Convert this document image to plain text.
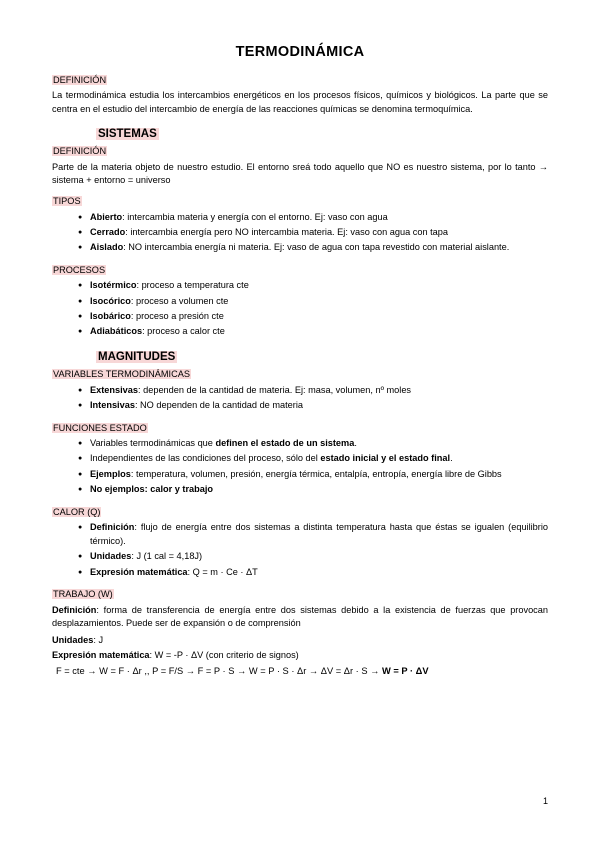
TERMODINÁMICA
DEFINICIÓN

La termodinámica estudia los intercambios energéticos en los procesos físicos, químicos y biológicos. La parte que se centra en el estudio del intercambio de energía de las reacciones químicas se denomina termoquímica.

SISTEMAS
DEFINICIÓN

Parte de la materia objeto de nuestro estudio. El entorno sreá todo aquello que NO es nuestro sistema, por lo tanto → sistema + entorno = universo

TIPOS
● Abierto: intercambia materia y energía con el entorno. Ej: vaso con agua
● Cerrado: intercambia energía pero NO intercambia materia. Ej: vaso con agua con tapa
● Aislado: NO intercambia energía ni materia. Ej: vaso de agua con tapa revestido con material aislante.
PROCESOS
● Isotérmico: proceso a temperatura cte
● Isocórico: proceso a volumen cte
● Isobárico: proceso a presión cte
● Adiabáticos: proceso a calor cte
MAGNITUDES
VARIABLES TERMODINÁMICAS
● Extensivas: dependen de la cantidad de materia. Ej: masa, volumen, nº moles
● Intensivas: NO dependen de la cantidad de materia
FUNCIONES ESTADO
● Variables termodinámicas que definen el estado de un sistema.
● Independientes de las condiciones del proceso, sólo del estado inicial y el estado final.
● Ejemplos: temperatura, volumen, presión, energía térmica, entalpía, entropía, energía libre de Gibbs
● No ejemplos: calor y trabajo
CALOR (Q)
● Definición: flujo de energía entre dos sistemas a distinta temperatura hasta que éstas se igualen (equilibrio térmico).
● Unidades: J (1 cal = 4,18J)
● Expresión matemática: Q = m · Ce · ΔT
TRABAJO (W)

Definición: forma de transferencia de energía entre dos sistemas debido a la existencia de fuerzas que provocan desplazamientos. Puede ser de expansión o de comprensión

Unidades: J

Expresión matemática: W = -P · ΔV (con criterio de signos)

F = cte → W = F · Δr ,, P = F/S → F = P · S → W = P · S · Δr → ΔV = Δr · S → W = P · ΔV

1
